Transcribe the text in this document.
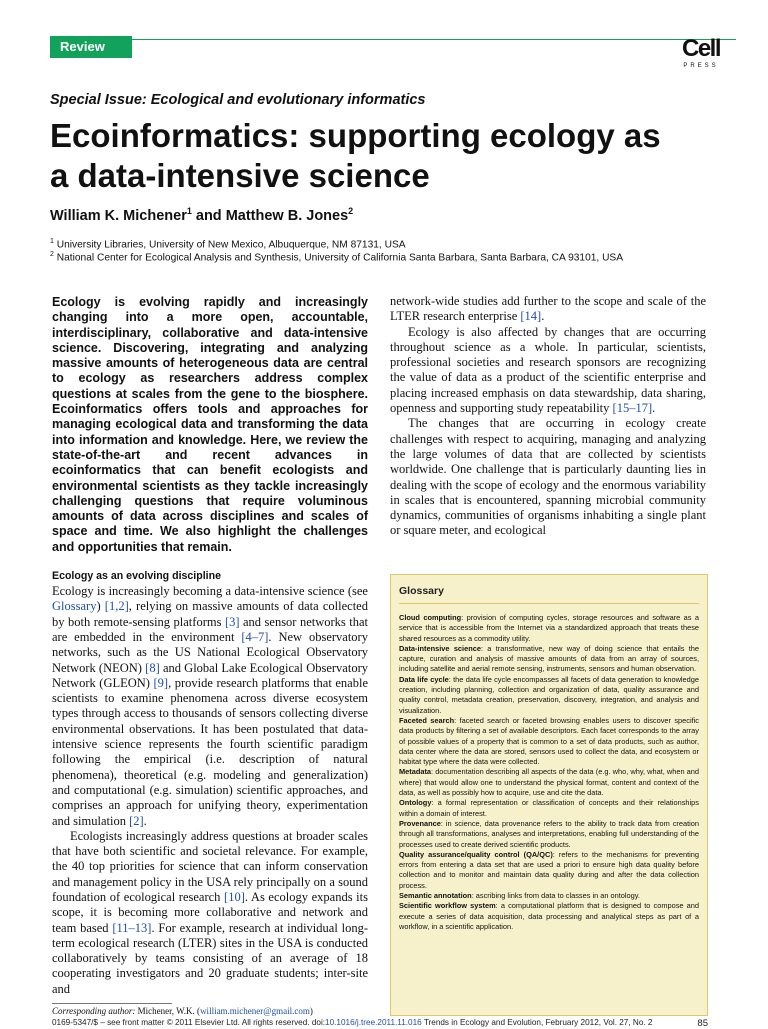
Review	Cell
PRESS
Special Issue: Ecological and evolutionary informatics
Ecoinformatics: supporting ecology as
a data-intensive science
William K. Michener$^1$ and Matthew B. Jones$^2$
$^1$ University Libraries, University of New Mexico, Albuquerque, NM 87131, USA
$^2$ National Center for Ecological Analysis and Synthesis, University of California Santa Barbara, Santa Barbara, CA 93101, USA

Ecology is evolving rapidly and increasingly changing into a more open, accountable, interdisciplinary, collaborative and data-intensive science. Discovering, integrating and analyzing massive amounts of heterogeneous data are central to ecology as researchers address complex questions at scales from the gene to the biosphere. Ecoinformatics offers tools and approaches for managing ecological data and transforming the data into information and knowledge. Here, we review the state-of-the-art and recent advances in ecoinformatics that can benefit ecologists and environmental scientists as they tackle increasingly challenging questions that require voluminous amounts of data across disciplines and scales of space and time. We also highlight the challenges and opportunities that remain.

Ecology as an evolving discipline

Ecology is increasingly becoming a data-intensive science (see Glossary) [1,2], relying on massive amounts of data collected by both remote-sensing platforms [3] and sensor networks that are embedded in the environment [4–7]. New observatory networks, such as the US National Ecological Observatory Network (NEON) [8] and Global Lake Ecological Observatory Network (GLEON) [9], provide research platforms that enable scientists to examine phenomena across diverse ecosystem types through access to thousands of sensors collecting diverse environmental observations. It has been postulated that data-intensive science represents the fourth scientific paradigm following the empirical (i.e. description of natural phenomena), theoretical (e.g. modeling and generalization) and computational (e.g. simulation) scientific approaches, and comprises an approach for unifying theory, experimentation and simulation [2].

Ecologists increasingly address questions at broader scales that have both scientific and societal relevance. For example, the 40 top priorities for science that can inform conservation and management policy in the USA rely principally on a sound foundation of ecological research [10]. As ecology expands its scope, it is becoming more collaborative and network and team based [11–13]. For example, research at individual long-term ecological research (LTER) sites in the USA is conducted collaboratively by teams consisting of an average of 18 cooperating investigators and 20 graduate students; inter-site and

network-wide studies add further to the scope and scale of the LTER research enterprise [14].

Ecology is also affected by changes that are occurring throughout science as a whole. In particular, scientists, professional societies and research sponsors are recognizing the value of data as a product of the scientific enterprise and placing increased emphasis on data stewardship, data sharing, openness and supporting study repeatability [15–17].

The changes that are occurring in ecology create challenges with respect to acquiring, managing and analyzing the large volumes of data that are collected by scientists worldwide. One challenge that is particularly daunting lies in dealing with the scope of ecology and the enormous variability in scales that is encountered, spanning microbial community dynamics, communities of organisms inhabiting a single plant or square meter, and ecological

Glossary

Cloud computing: provision of computing cycles, storage resources and software as a service that is accessible from the Internet via a standardized approach that treats these shared resources as a commodity utility.

Data-intensive science: a transformative, new way of doing science that entails the capture, curation and analysis of massive amounts of data from an array of sources, including satellite and aerial remote sensing, instruments, sensors and human observation.

Data life cycle: the data life cycle encompasses all facets of data generation to knowledge creation, including planning, collection and organization of data, quality assurance and quality control, metadata creation, preservation, discovery, integration, and analysis and visualization.

Faceted search: faceted search or faceted browsing enables users to discover specific data products by filtering a set of available descriptors. Each facet corresponds to the array of possible values of a property that is common to a set of data products, such as author, data center where the data are stored, sensors used to collect the data, and ecosystem or habitat type where the data were collected.

Metadata: documentation describing all aspects of the data (e.g. who, why, what, when and where) that would allow one to understand the physical format, content and context of the data, as well as possibly how to acquire, use and cite the data.

Ontology: a formal representation or classification of concepts and their relationships within a domain of interest.

Provenance: in science, data provenance refers to the ability to track data from creation through all transformations, analyses and interpretations, enabling full understanding of the processes used to create derived scientific products.

Quality assurance/quality control (QA/QC): refers to the mechanisms for preventing errors from entering a data set that are used a priori to ensure high data quality before collection and to monitor and maintain data quality during and after the data collection process.

Semantic annotation: ascribing links from data to classes in an ontology.

Scientific workflow system: a computational platform that is designed to compose and execute a series of data acquisition, data processing and analytical steps as part of a workflow, in a scientific application.

Corresponding author: Michener, W.K. (william.michener@gmail.com)
0169-5347/$ – see front matter © 2011 Elsevier Ltd. All rights reserved. doi:10.1016/j.tree.2011.11.016 Trends in Ecology and Evolution, February 2012, Vol. 27, No. 2	85
